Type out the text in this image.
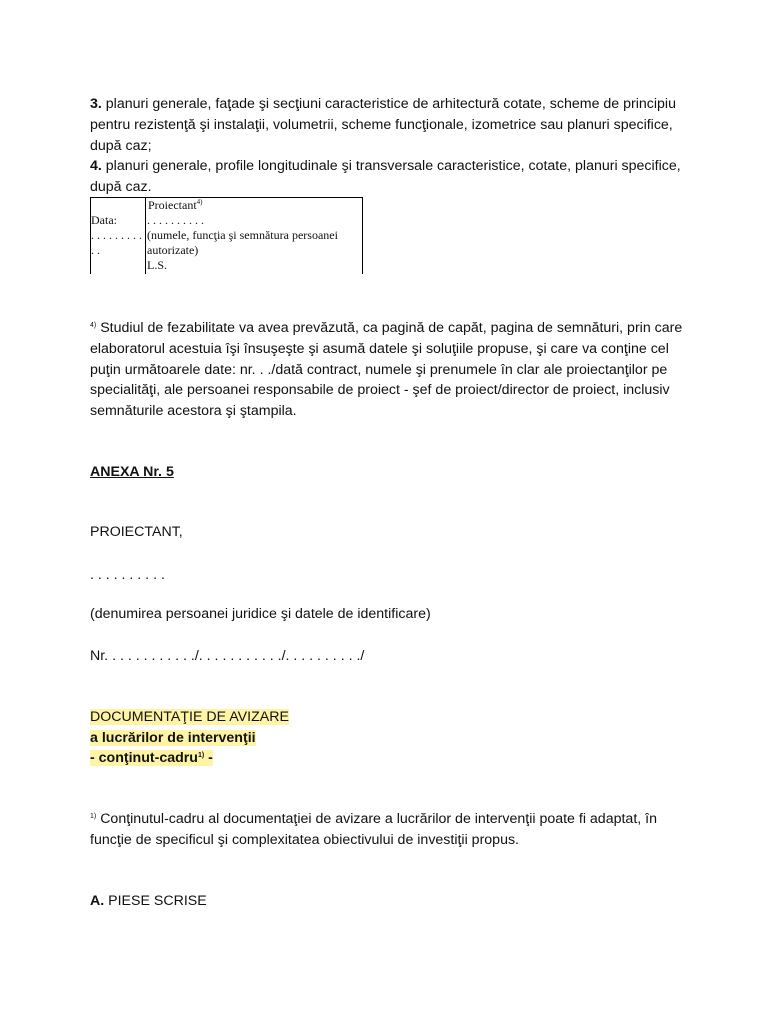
3. planuri generale, faţade şi secţiuni caracteristice de arhitectură cotate, scheme de principiu pentru rezistenţă şi instalaţii, volumetrii, scheme funcţionale, izometrice sau planuri specifice, după caz;

4. planuri generale, profile longitudinale şi transversale caracteristice, cotate, planuri specifice, după caz.

Data:
. . . . . . . . .
. .
Proiectant$^{4)}$
. . . . . . . . . .
(numele, funcţia şi semnătura persoanei
autorizate)
L.S.

$^{4)}$ Studiul de fezabilitate va avea prevăzută, ca pagină de capăt, pagina de semnături, prin care elaboratorul acestuia îşi însuşeşte şi asumă datele şi soluţiile propuse, şi care va conţine cel puţin următoarele date: nr. . ./dată contract, numele şi prenumele în clar ale proiectanţilor pe specialităţi, ale persoanei responsabile de proiect - şef de proiect/director de proiect, inclusiv semnăturile acestora şi ştampila.

ANEXA Nr. 5

PROIECTANT,

. . . . . . . . . .

(denumirea persoanei juridice şi datele de identificare)

Nr. . . . . . . . . . . ./. . . . . . . . . . ./. . . . . . . . . ./

DOCUMENTAŢIE DE AVIZARE
a lucrărilor de intervenţii
- conţinut-cadru$^{1)}$ -

$^{1)}$ Conţinutul-cadru al documentaţiei de avizare a lucrărilor de intervenţii poate fi adaptat, în funcţie de specificul şi complexitatea obiectivului de investiţii propus.

A. PIESE SCRISE
